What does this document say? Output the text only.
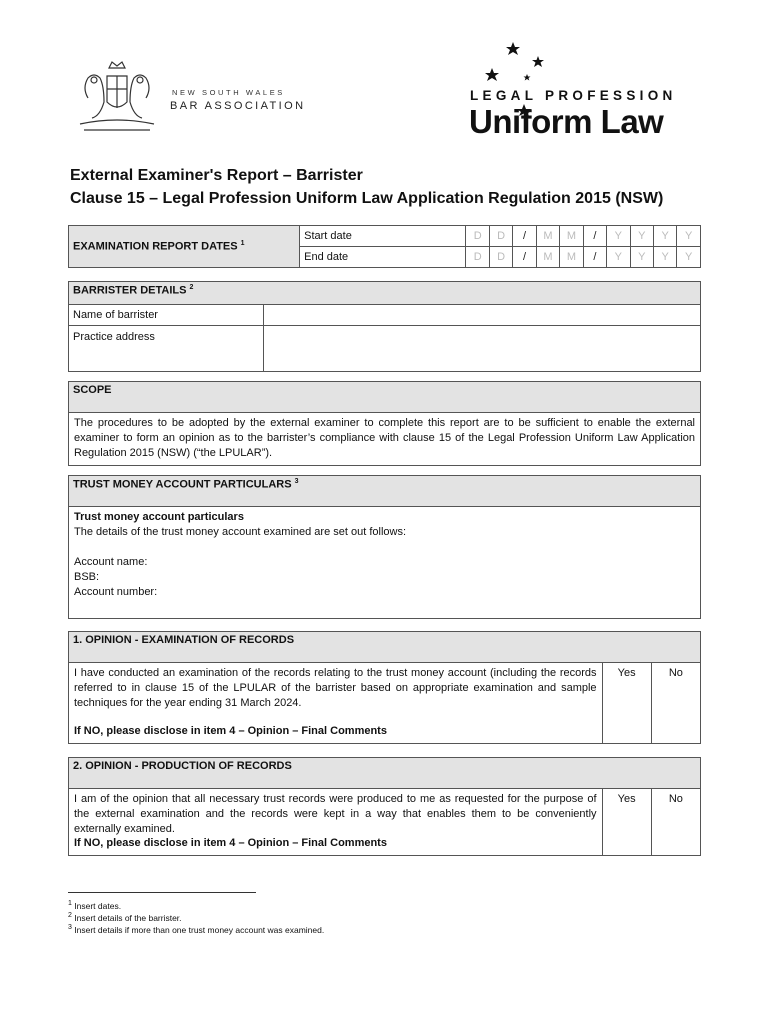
NEW SOUTH WALES
BAR ASSOCIATION
LEGAL PROFESSION
Uniform Law
External Examiner's Report – Barrister
Clause 15 – Legal Profession Uniform Law Application Regulation 2015 (NSW)
EXAMINATION REPORT DATES $^1$	Start date	D	D	/	M	M	/	Y	Y	Y	Y
	End date	D	D	/	M	M	/	Y	Y	Y	Y
BARRISTER DETAILS $^2$
Name of barrister	
Practice address	
SCOPE
The procedures to be adopted by the external examiner to complete this report are to be sufficient to enable the external examiner to form an opinion as to the barrister’s compliance with clause 15 of the Legal Profession Uniform Law Application Regulation 2015 (NSW) (“the LPULAR”).
TRUST MONEY ACCOUNT PARTICULARS $^3$

Trust money account particulars
The details of the trust money account examined are set out follows:
Account name:
BSB:
Account number:
1. OPINION - EXAMINATION OF RECORDS

I have conducted an examination of the records relating to the trust money account (including the records referred to in clause 15 of the LPULAR of the barrister based on appropriate examination and sample techniques for the year ending 31 March 2024.
If NO, please disclose in item 4 – Opinion – Final Comments
	Yes	No
2. OPINION - PRODUCTION OF RECORDS

I am of the opinion that all necessary trust records were produced to me as requested for the purpose of the external examination and the records were kept in a way that enables them to be conveniently externally examined.
If NO, please disclose in item 4 – Opinion – Final Comments
	Yes	No
$^1$ Insert dates.
$^2$ Insert details of the barrister.
$^3$ Insert details if more than one trust money account was examined.
